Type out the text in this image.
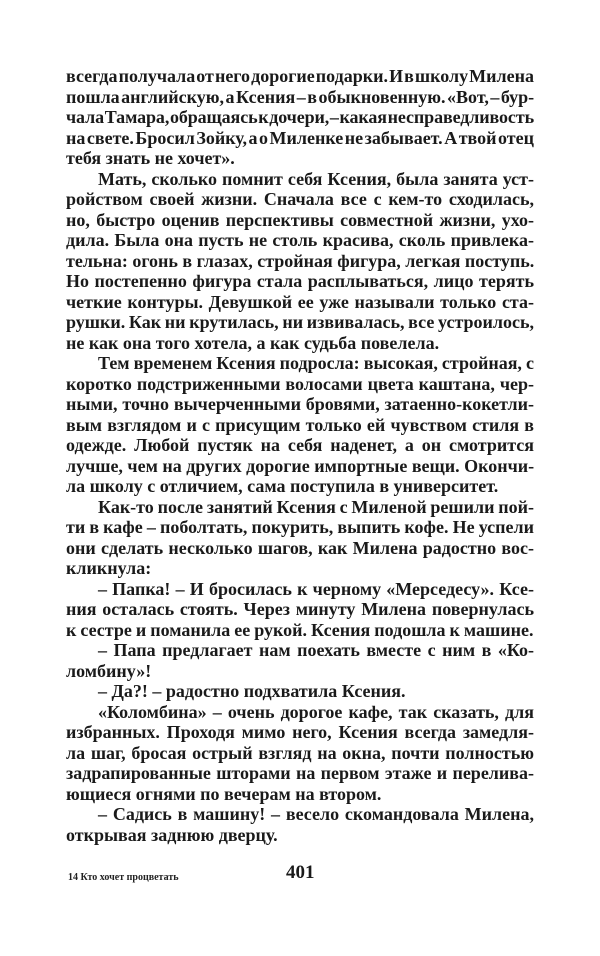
всегда получала от него дорогие подарки. И в школу Милена
пошла английскую, а Ксения – в обыкновенную. «Вот, – бур-
чала Тамара, обращаясь к дочери, – какая несправедливость
на свете. Бросил Зойку, а о Миленке не забывает. А твой отец
тебя знать не хочет».
Мать, сколько помнит себя Ксения, была занята уст-
ройством своей жизни. Сначала все с кем-то сходилась,
но, быстро оценив перспективы совместной жизни, ухо-
дила. Была она пусть не столь красива, сколь привлека-
тельна: огонь в глазах, стройная фигура, легкая поступь.
Но постепенно фигура стала расплываться, лицо терять
четкие контуры. Девушкой ее уже называли только ста-
рушки. Как ни крутилась, ни извивалась, все устроилось,
не как она того хотела, а как судьба повелела.
Тем временем Ксения подросла: высокая, стройная, с
коротко подстриженными волосами цвета каштана, чер-
ными, точно вычерченными бровями, затаенно-кокетли-
вым взглядом и с присущим только ей чувством стиля в
одежде. Любой пустяк на себя наденет, а он смотрится
лучше, чем на других дорогие импортные вещи. Окончи-
ла школу с отличием, сама поступила в университет.
Как-то после занятий Ксения с Миленой решили пой-
ти в кафе – поболтать, покурить, выпить кофе. Не успели
они сделать несколько шагов, как Милена радостно вос-
кликнула:
– Папка! – И бросилась к черному «Мерседесу». Ксе-
ния осталась стоять. Через минуту Милена повернулась
к сестре и поманила ее рукой. Ксения подошла к машине.
– Папа предлагает нам поехать вместе с ним в «Ко-
ломбину»!
– Да?! – радостно подхватила Ксения.
«Коломбина» – очень дорогое кафе, так сказать, для
избранных. Проходя мимо него, Ксения всегда замедля-
ла шаг, бросая острый взгляд на окна, почти полностью
задрапированные шторами на первом этаже и перелива-
ющиеся огнями по вечерам на втором.
– Садись в машину! – весело скомандовала Милена,
открывая заднюю дверцу.
14 Кто хочет процветать	401
